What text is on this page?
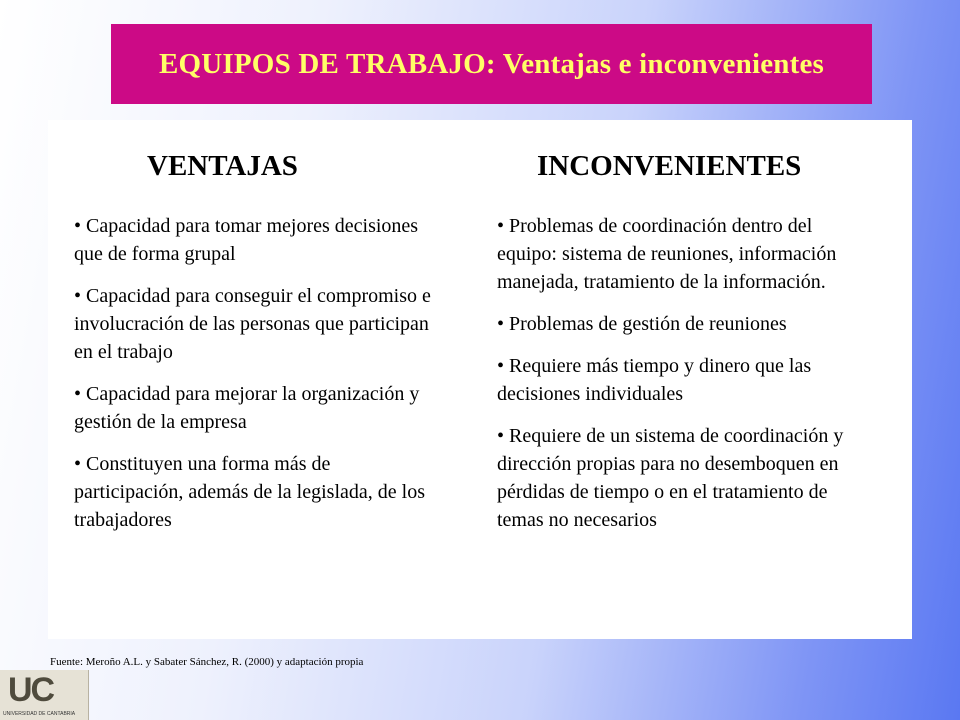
EQUIPOS DE TRABAJO: Ventajas e inconvenientes
VENTAJAS	INCONVENIENTES

• Capacidad para tomar mejores decisiones que de forma grupal

• Capacidad para conseguir el compromiso e involucración de las personas que participan en el trabajo

• Capacidad para mejorar la organización y gestión de la empresa

• Constituyen una forma más de participación, además de la legislada, de los trabajadores

• Problemas de coordinación dentro del equipo: sistema de reuniones, información manejada, tratamiento de la información.

• Problemas de gestión de reuniones

• Requiere más tiempo y dinero que las decisiones individuales

• Requiere de un sistema de coordinación y dirección propias para no desemboquen en pérdidas de tiempo o en el tratamiento de temas no necesarios

Fuente: Meroño A.L. y Sabater Sánchez, R. (2000) y adaptación propia
UC
UNIVERSIDAD DE CANTABRIA
